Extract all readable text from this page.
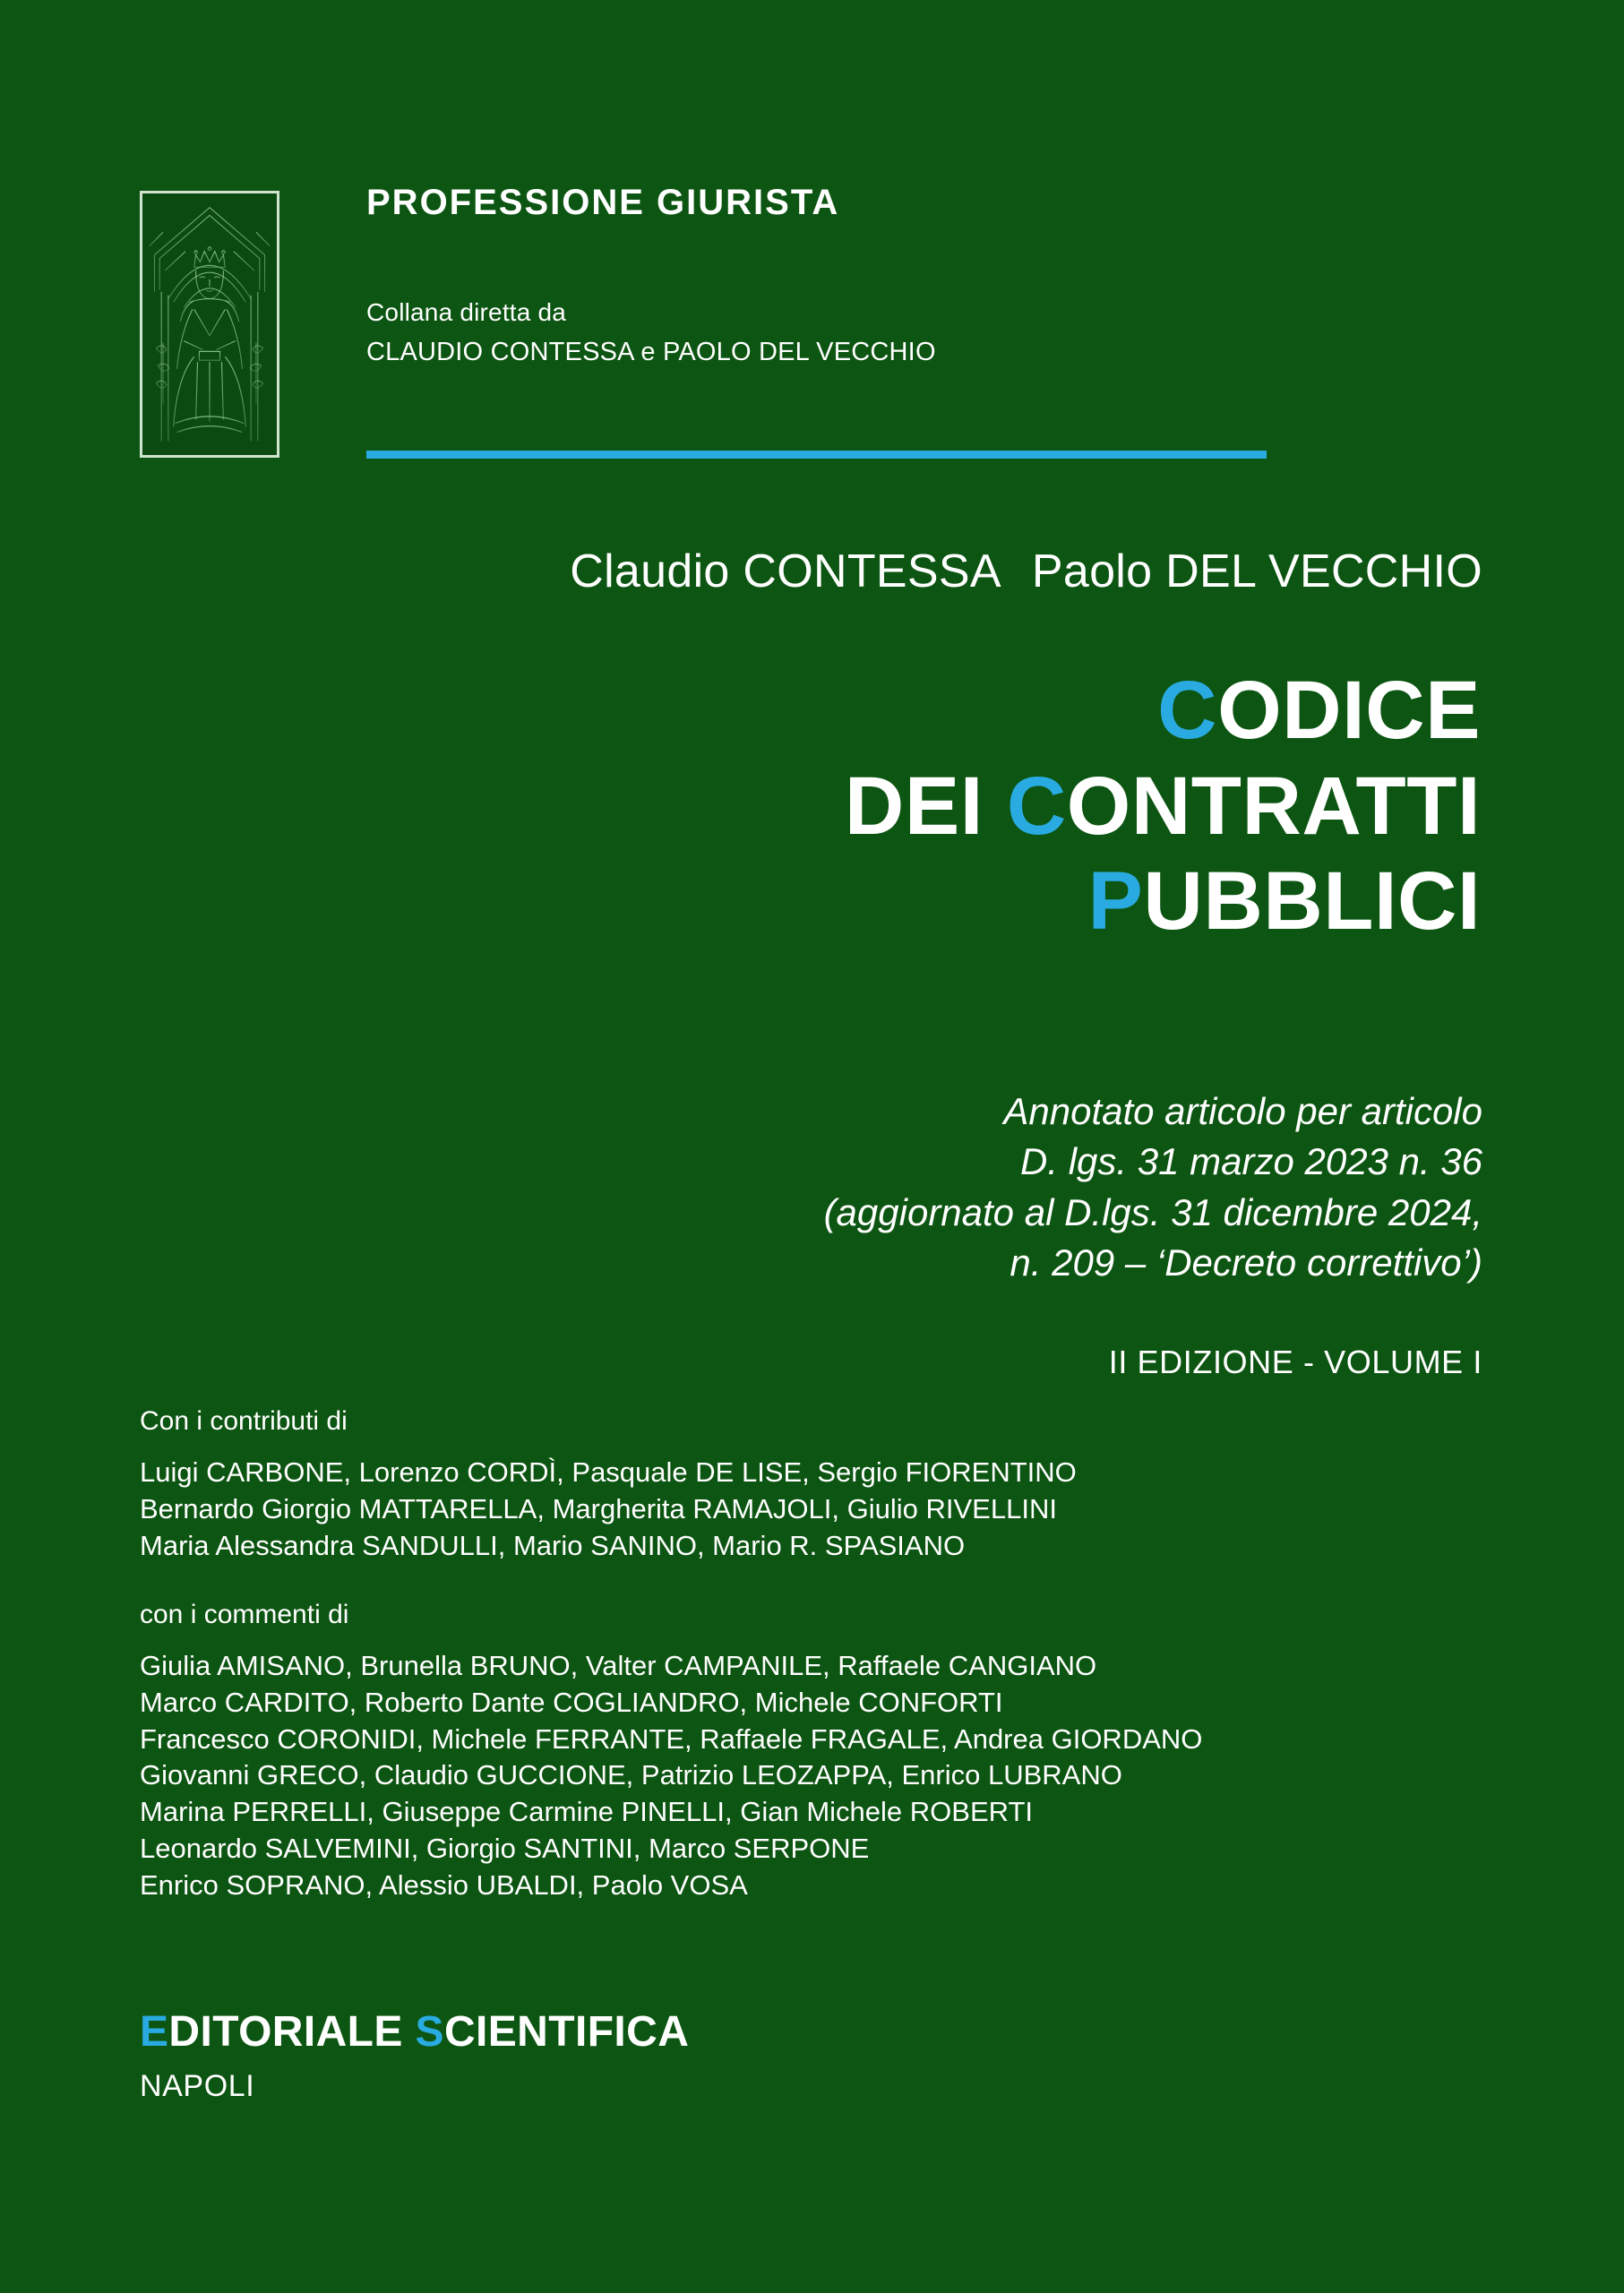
PROFESSIONE GIURISTA
Collana diretta da
CLAUDIO CONTESSA e PAOLO DEL VECCHIO
Claudio CONTESSA Paolo DEL VECCHIO
CODICE
DEI CONTRATTI
PUBBLICI
Annotato articolo per articolo
D. lgs. 31 marzo 2023 n. 36
(aggiornato al D.lgs. 31 dicembre 2024,
n. 209 – ‘Decreto correttivo’)
II EDIZIONE - VOLUME I
Con i contributi di
Luigi CARBONE, Lorenzo CORDÌ, Pasquale DE LISE, Sergio FIORENTINO
Bernardo Giorgio MATTARELLA, Margherita RAMAJOLI, Giulio RIVELLINI
Maria Alessandra SANDULLI, Mario SANINO, Mario R. SPASIANO
con i commenti di
Giulia AMISANO, Brunella BRUNO, Valter CAMPANILE, Raffaele CANGIANO
Marco CARDITO, Roberto Dante COGLIANDRO, Michele CONFORTI
Francesco CORONIDI, Michele FERRANTE, Raffaele FRAGALE, Andrea GIORDANO
Giovanni GRECO, Claudio GUCCIONE, Patrizio LEOZAPPA, Enrico LUBRANO
Marina PERRELLI, Giuseppe Carmine PINELLI, Gian Michele ROBERTI
Leonardo SALVEMINI, Giorgio SANTINI, Marco SERPONE
Enrico SOPRANO, Alessio UBALDI, Paolo VOSA
EDITORIALE SCIENTIFICA
NAPOLI
